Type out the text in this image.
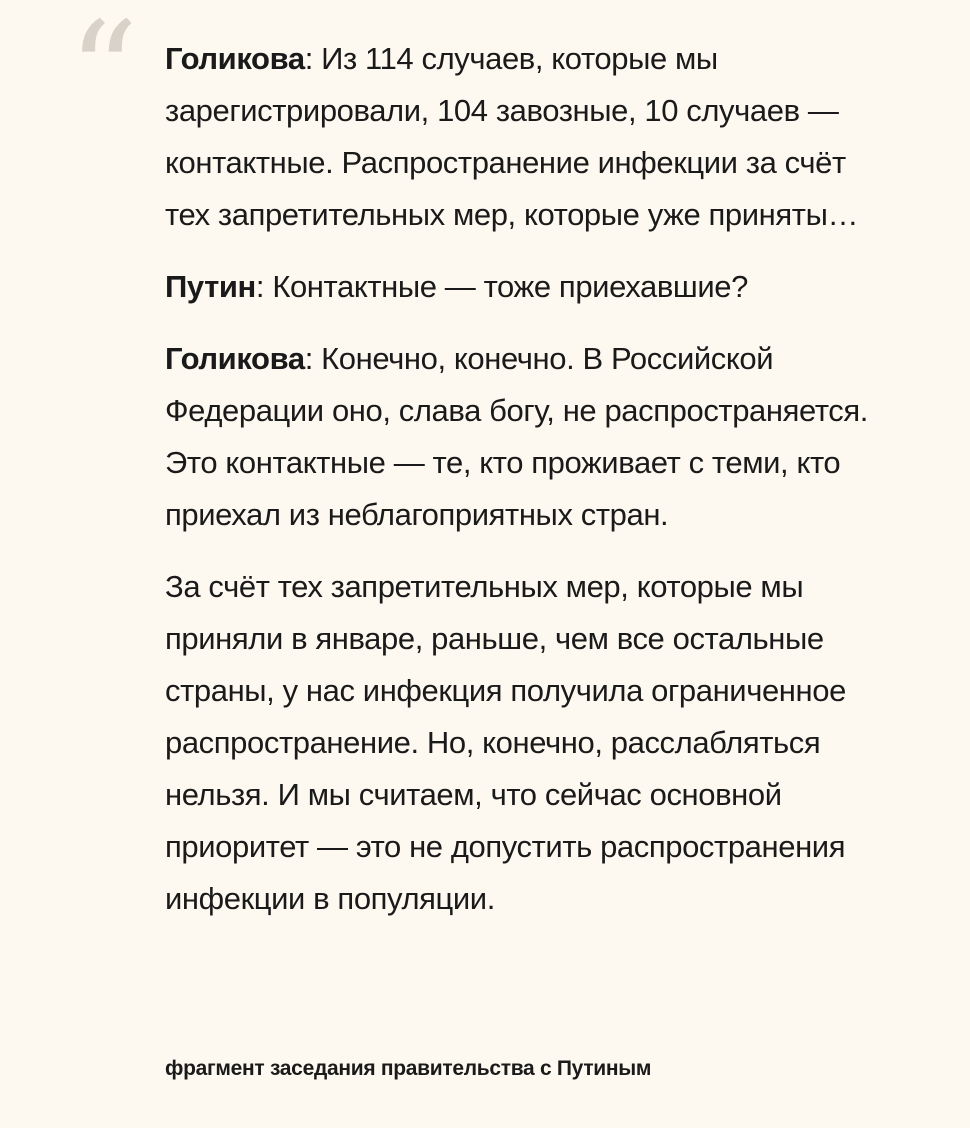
“ Голикова: Из 114 случаев, которые мы зарегистрировали, 104 завозные, 10 случаев — контактные. Распространение инфекции за счёт тех запретительных мер, которые уже приняты…

Путин: Контактные — тоже приехавшие?

Голикова: Конечно, конечно. В Российской Федерации оно, слава богу, не распространяется. Это контактные — те, кто проживает с теми, кто приехал из неблагоприятных стран.

За счёт тех запретительных мер, которые мы приняли в январе, раньше, чем все остальные страны, у нас инфекция получила ограниченное распространение. Но, конечно, расслабляться нельзя. И мы считаем, что сейчас основной приоритет — это не допустить распространения инфекции в популяции.

фрагмент заседания правительства с Путиным
